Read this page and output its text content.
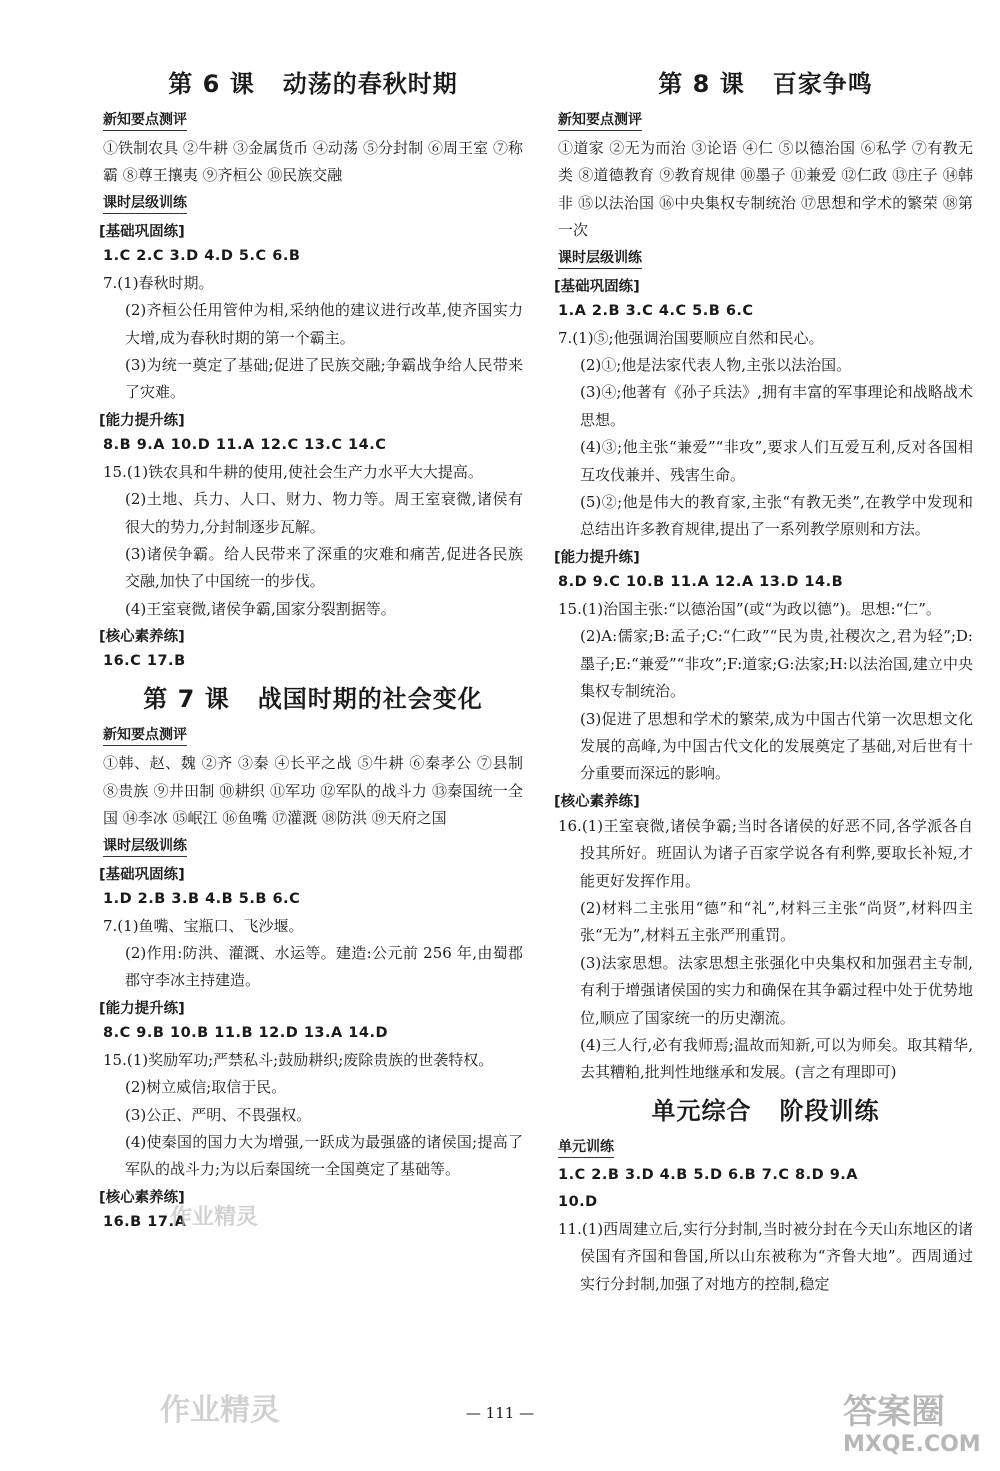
第 6 课 动荡的春秋时期
新知要点测评

①铁制农具 ②牛耕 ③金属货币 ④动荡 ⑤分封制 ⑥周王室 ⑦称霸 ⑧尊王攘夷 ⑨齐桓公 ⑩民族交融

课时层级训练
[基础巩固练]

1.C 2.C 3.D 4.D 5.C 6.B

7.(1)春秋时期。

(2)齐桓公任用管仲为相,采纳他的建议进行改革,使齐国实力大增,成为春秋时期的第一个霸主。

(3)为统一奠定了基础;促进了民族交融;争霸战争给人民带来了灾难。

[能力提升练]

8.B 9.A 10.D 11.A 12.C 13.C 14.C

15.(1)铁农具和牛耕的使用,使社会生产力水平大大提高。

(2)土地、兵力、人口、财力、物力等。周王室衰微,诸侯有很大的势力,分封制逐步瓦解。

(3)诸侯争霸。给人民带来了深重的灾难和痛苦,促进各民族交融,加快了中国统一的步伐。

(4)王室衰微,诸侯争霸,国家分裂割据等。

[核心素养练]

16.C 17.B

第 7 课 战国时期的社会变化
新知要点测评

①韩、赵、魏 ②齐 ③秦 ④长平之战 ⑤牛耕 ⑥秦孝公 ⑦县制 ⑧贵族 ⑨井田制 ⑩耕织 ⑪军功 ⑫军队的战斗力 ⑬秦国统一全国 ⑭李冰 ⑮岷江 ⑯鱼嘴 ⑰灌溉 ⑱防洪 ⑲天府之国

课时层级训练
[基础巩固练]

1.D 2.B 3.B 4.B 5.B 6.C

7.(1)鱼嘴、宝瓶口、飞沙堰。

(2)作用:防洪、灌溉、水运等。建造:公元前 256 年,由蜀郡郡守李冰主持建造。

[能力提升练]

8.C 9.B 10.B 11.B 12.D 13.A 14.D

15.(1)奖励军功;严禁私斗;鼓励耕织;废除贵族的世袭特权。

(2)树立威信;取信于民。

(3)公正、严明、不畏强权。

(4)使秦国的国力大为增强,一跃成为最强盛的诸侯国;提高了军队的战斗力;为以后秦国统一全国奠定了基础等。

[核心素养练]

16.B 17.A

第 8 课 百家争鸣
新知要点测评

①道家 ②无为而治 ③论语 ④仁 ⑤以德治国 ⑥私学 ⑦有教无类 ⑧道德教育 ⑨教育规律 ⑩墨子 ⑪兼爱 ⑫仁政 ⑬庄子 ⑭韩非 ⑮以法治国 ⑯中央集权专制统治 ⑰思想和学术的繁荣 ⑱第一次

课时层级训练
[基础巩固练]

1.A 2.B 3.C 4.C 5.B 6.C

7.(1)⑤;他强调治国要顺应自然和民心。

(2)①;他是法家代表人物,主张以法治国。

(3)④;他著有《孙子兵法》,拥有丰富的军事理论和战略战术思想。

(4)③;他主张“兼爱”“非攻”,要求人们互爱互利,反对各国相互攻伐兼并、残害生命。

(5)②;他是伟大的教育家,主张“有教无类”,在教学中发现和总结出许多教育规律,提出了一系列教学原则和方法。

[能力提升练]

8.D 9.C 10.B 11.A 12.A 13.D 14.B

15.(1)治国主张:“以德治国”(或“为政以德”)。思想:“仁”。

(2)A:儒家;B:孟子;C:“仁政”“民为贵,社稷次之,君为轻”;D:墨子;E:“兼爱”“非攻”;F:道家;G:法家;H:以法治国,建立中央集权专制统治。

(3)促进了思想和学术的繁荣,成为中国古代第一次思想文化发展的高峰,为中国古代文化的发展奠定了基础,对后世有十分重要而深远的影响。

[核心素养练]

16.(1)王室衰微,诸侯争霸;当时各诸侯的好恶不同,各学派各自投其所好。班固认为诸子百家学说各有利弊,要取长补短,才能更好发挥作用。

(2)材料二主张用“德”和“礼”,材料三主张“尚贤”,材料四主张“无为”,材料五主张严刑重罚。

(3)法家思想。法家思想主张强化中央集权和加强君主专制,有利于增强诸侯国的实力和确保在其争霸过程中处于优势地位,顺应了国家统一的历史潮流。

(4)三人行,必有我师焉;温故而知新,可以为师矣。取其精华,去其糟粕,批判性地继承和发展。(言之有理即可)

单元综合 阶段训练
单元训练

1.C 2.B 3.D 4.B 5.D 6.B 7.C 8.D 9.A

10.D

11.(1)西周建立后,实行分封制,当时被分封在今天山东地区的诸侯国有齐国和鲁国,所以山东被称为“齐鲁大地”。西周通过实行分封制,加强了对地方的控制,稳定

— 111 —
作业精灵
作业精灵	答案圈
MXQE.COM
